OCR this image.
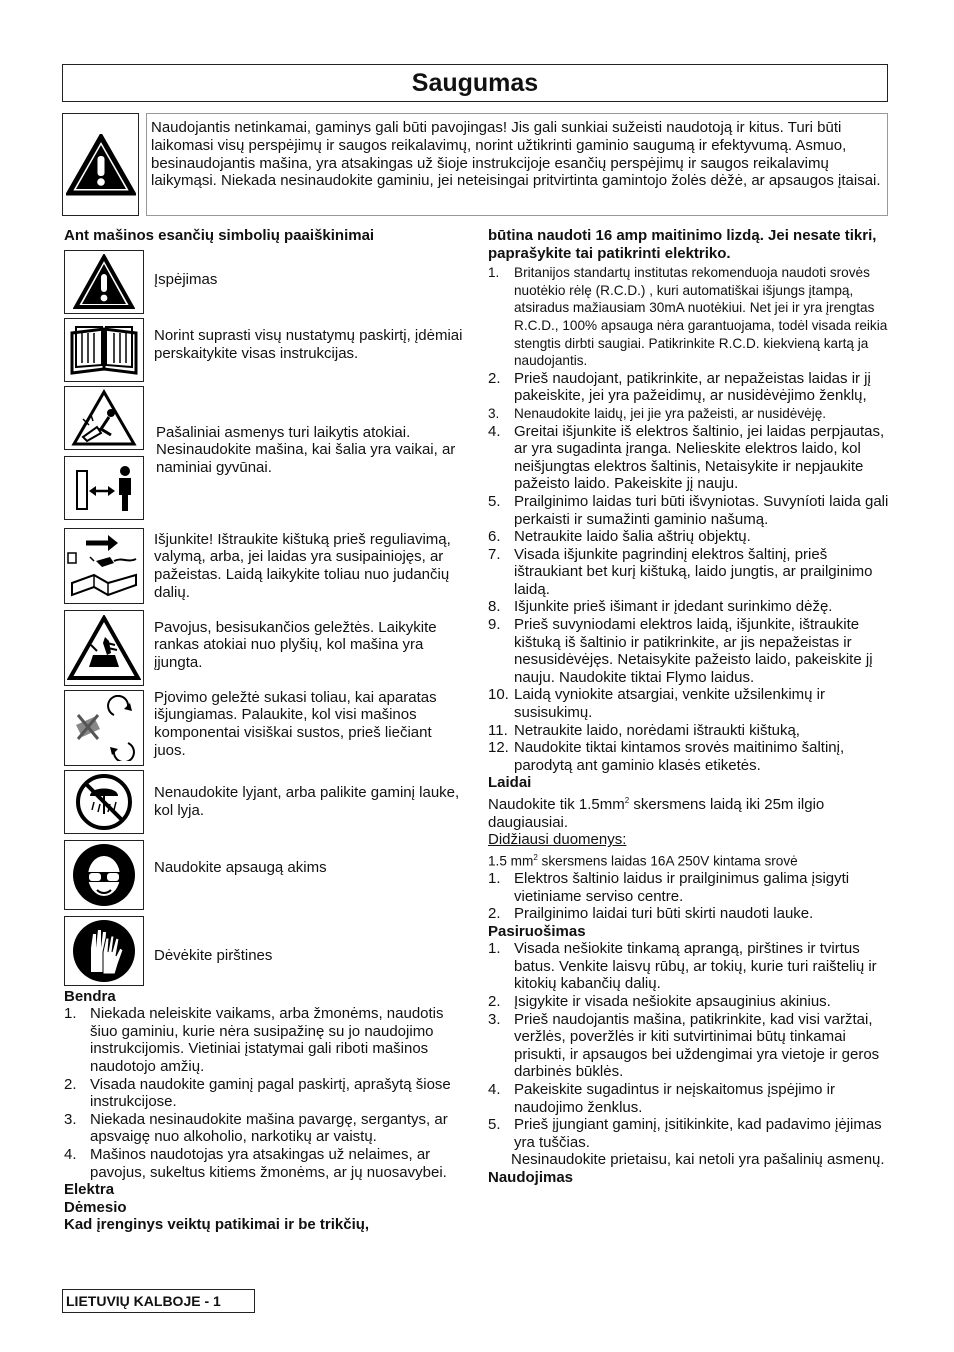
Saugumas
Naudojantis netinkamai, gaminys gali būti pavojingas! Jis gali sunkiai sužeisti naudotoją ir kitus. Turi būti laikomasi visų perspėjimų ir saugos reikalavimų, norint užtikrinti gaminio saugumą ir efektyvumą. Asmuo, besinaudojantis mašina, yra atsakingas už šioje instrukcijoje esančių perspėjimų ir saugos reikalavimų laikymąsi. Niekada nesinaudokite gaminiu, jei neteisingai pritvirtinta gamintojo žolės dėžė, ar apsaugos įtaisai.

Ant mašinos esančių simbolių paaiškinimai

Įspėjimas
Norint suprasti visų nustatymų paskirtį, įdėmiai perskaitykite visas instrukcijas.
Pašaliniai asmenys turi laikytis atokiai. Nesinaudokite mašina, kai šalia yra vaikai, ar naminiai gyvūnai.
Išjunkite! Ištraukite kištuką prieš reguliavimą, valymą, arba, jei laidas yra susipainiojęs, ar pažeistas. Laidą laikykite toliau nuo judančių dalių.
Pavojus, besisukančios geležtės. Laikykite rankas atokiai nuo plyšių, kol mašina yra įjungta.
Pjovimo geležtė sukasi toliau, kai aparatas išjungiamas. Palaukite, kol visi mašinos komponentai visiškai sustos, prieš liečiant juos.
Nenaudokite lyjant, arba palikite gaminį lauke, kol lyja.
Naudokite apsaugą akims
Dėvėkite pirštines

Bendra

1. Niekada neleiskite vaikams, arba žmonėms, naudotis šiuo gaminiu, kurie nėra susipažinę su jo naudojimo instrukcijomis. Vietiniai įstatymai gali riboti mašinos naudotojo amžių.
2. Visada naudokite gaminį pagal paskirtį, aprašytą šiose instrukcijose.
3. Niekada nesinaudokite mašina pavargę, sergantys, ar apsvaigę nuo alkoholio, narkotikų ar vaistų.
4. Mašinos naudotojas yra atsakingas už nelaimes, ar pavojus, sukeltus kitiems žmonėms, ar jų nuosavybei.

Elektra

Dėmesio

Kad įrenginys veiktų patikimai ir be trikčių,

būtina naudoti 16 amp maitinimo lizdą. Jei nesate tikri, paprašykite tai patikrinti elektriko.

1. Britanijos standartų institutas rekomenduoja naudoti srovės nuotėkio rėlę (R.C.D.) , kuri automatiškai išjungs įtampą, atsiradus mažiausiam 30mA nuotėkiui. Net jei ir yra įrengtas R.C.D., 100% apsauga nėra garantuojama, todėl visada reikia stengtis dirbti saugiai. Patikrinkite R.C.D. kiekvieną kartą ja naudojantis.
2. Prieš naudojant, patikrinkite, ar nepažeistas laidas ir jį pakeiskite, jei yra pažeidimų, ar nusidėvėjimo ženklų,
3. Nenaudokite laidų, jei jie yra pažeisti, ar nusidėvėję.
4. Greitai išjunkite iš elektros šaltinio, jei laidas perpjautas, ar yra sugadinta įranga. Nelieskite elektros laido, kol neišjungtas elektros šaltinis, Netaisykite ir nepjaukite pažeisto laido. Pakeiskite jį nauju.
5. Prailginimo laidas turi būti išvyniotas. Suvyníoti laida gali perkaisti ir sumažinti gaminio našumą.
6. Netraukite laido šalia aštrių objektų.
7. Visada išjunkite pagrindinį elektros šaltinį, prieš ištraukiant bet kurį kištuką, laido jungtis, ar prailginimo laidą.
8. Išjunkite prieš išimant ir įdedant surinkimo dėžę.
9. Prieš suvyniodami elektros laidą, išjunkite, ištraukite kištuką iš šaltinio ir patikrinkite, ar jis nepažeistas ir nesusidėvėjęs. Netaisykite pažeisto laido, pakeiskite jį nauju. Naudokite tiktai Flymo laidus.
10. Laidą vyniokite atsargiai, venkite užsilenkimų ir susisukimų.
11. Netraukite laido, norėdami ištraukti kištuką,
12. Naudokite tiktai kintamos srovės maitinimo šaltinį, parodytą ant gaminio klasės etiketės.

Laidai

Naudokite tik $1.5mm^2$ skersmens laidą iki 25m ilgio daugiausiai.

Didžiausi duomenys:

1.5 $mm^2$ skersmens laidas 16A 250V kintama srovė

1. Elektros šaltinio laidus ir prailginimus galima įsigyti vietiniame serviso centre.
2. Prailginimo laidai turi būti skirti naudoti lauke.

Pasiruošimas

1. Visada nešiokite tinkamą aprangą, pirštines ir tvirtus batus. Venkite laisvų rūbų, ar tokių, kurie turi raištelių ir kitokių kabančių dalių.
2. Įsigykite ir visada nešiokite apsauginius akinius.
3. Prieš naudojantis mašina, patikrinkite, kad visi varžtai, veržlės, poveržlės ir kiti sutvirtinimai būtų tinkamai prisukti, ir apsaugos bei uždengimai yra vietoje ir geros darbinės būklės.
4. Pakeiskite sugadintus ir neįskaitomus įspėjimo ir naudojimo ženklus.
5. Prieš įjungiant gaminį, įsitikinkite, kad padavimo įėjimas yra tuščias.

Nesinaudokite prietaisu, kai netoli yra pašalinių asmenų.

Naudojimas

LIETUVIŲ KALBOJE - 1
